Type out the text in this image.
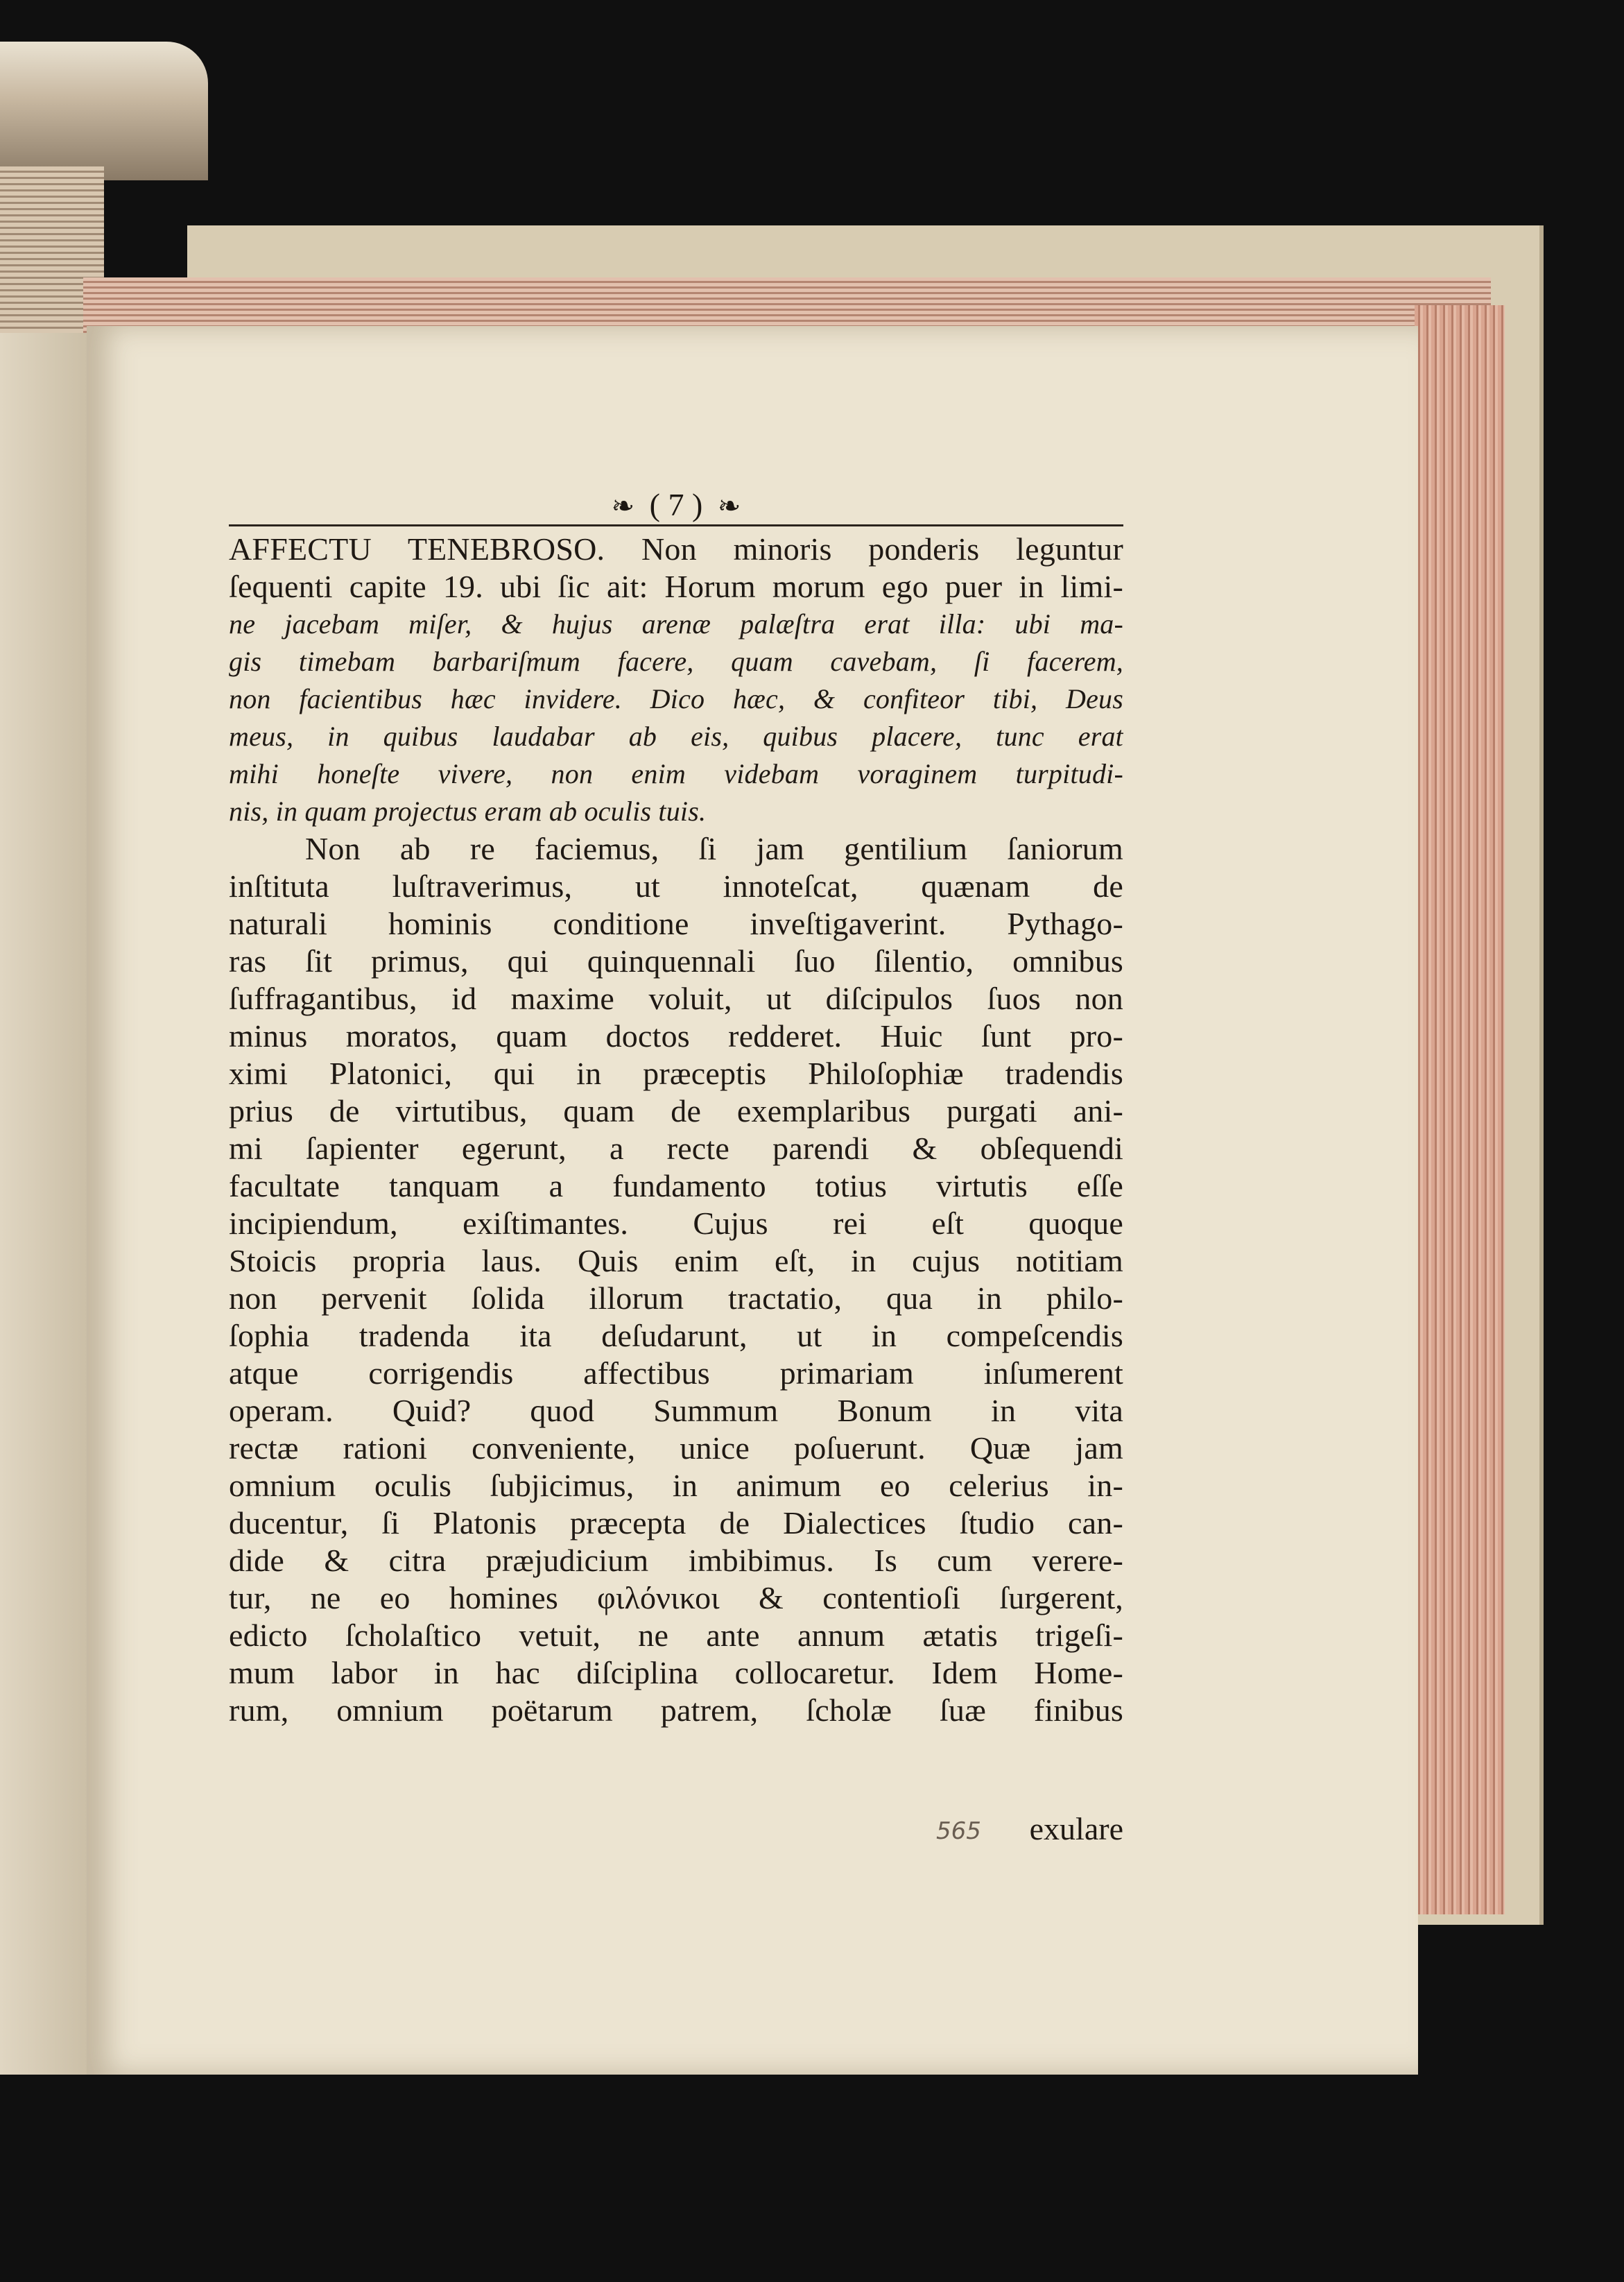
❧ ( 7 ) ❧
AFFECTU TENEBROSO. Non minoris ponderis leguntur
ſequenti capite 19. ubi ſic ait: Horum morum ego puer in limi-
ne jacebam miſer, & hujus arenæ palæſtra erat illa: ubi ma-
gis timebam barbariſmum facere, quam cavebam, ſi facerem,
non facientibus hæc invidere. Dico hæc, & confiteor tibi, Deus
meus, in quibus laudabar ab eis, quibus placere, tunc erat
mihi honeſte vivere, non enim videbam voraginem turpitudi-
nis, in quam projectus eram ab oculis tuis.
Non ab re faciemus, ſi jam gentilium ſaniorum
inſtituta luſtraverimus, ut innoteſcat, quænam de
naturali hominis conditione inveſtigaverint. Pythago-
ras ſit primus, qui quinquennali ſuo ſilentio, omnibus
ſuffragantibus, id maxime voluit, ut diſcipulos ſuos non
minus moratos, quam doctos redderet. Huic ſunt pro-
ximi Platonici, qui in præceptis Philoſophiæ tradendis
prius de virtutibus, quam de exemplaribus purgati ani-
mi ſapienter egerunt, a recte parendi & obſequendi
facultate tanquam a fundamento totius virtutis eſſe
incipiendum, exiſtimantes. Cujus rei eſt quoque
Stoicis propria laus. Quis enim eſt, in cujus notitiam
non pervenit ſolida illorum tractatio, qua in philo-
ſophia tradenda ita deſudarunt, ut in compeſcendis
atque corrigendis affectibus primariam inſumerent
operam. Quid? quod Summum Bonum in vita
rectæ rationi conveniente, unice poſuerunt. Quæ jam
omnium oculis ſubjicimus, in animum eo celerius in-
ducentur, ſi Platonis præcepta de Dialectices ſtudio can-
dide & citra præjudicium imbibimus. Is cum verere-
tur, ne eo homines φιλόνικοι & contentioſi ſurgerent,
edicto ſcholaſtico vetuit, ne ante annum ætatis trigeſi-
mum labor in hac diſciplina collocaretur. Idem Home-
rum, omnium poëtarum patrem, ſcholæ ſuæ finibus
565 exulare
